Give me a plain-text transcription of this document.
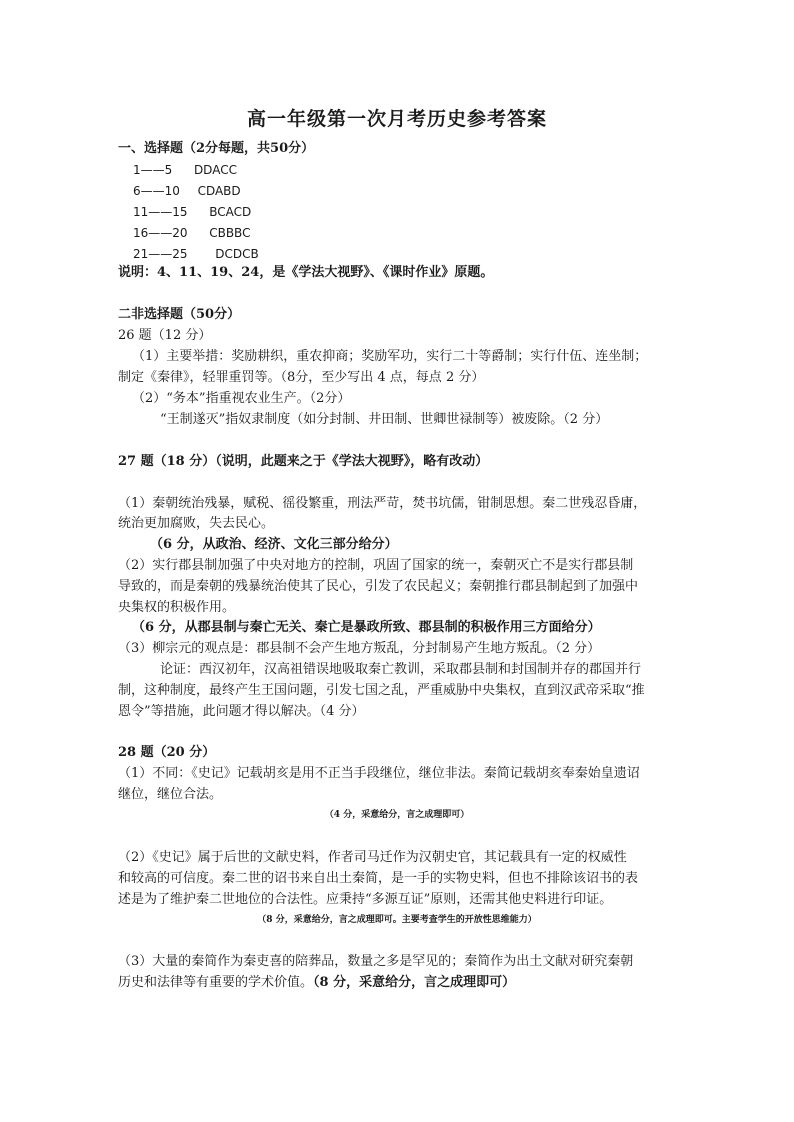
高一年级第一次月考历史参考答案
一、选择题（2分每题，共50分）
1——5 DDACC
6——10 CDABD
11——15 BCACD
16——20 CBBBC
21——25 DCDCB
说明：4、11、19、24，是《学法大视野》、《课时作业》原题。
二非选择题（50分）
26 题（12 分）
（1）主要举措：奖励耕织，重农抑商；奖励军功，实行二十等爵制；实行什伍、连坐制；
制定《秦律》，轻罪重罚等。（8分，至少写出 4 点，每点 2 分）
（2）“务本”指重视农业生产。（2分）
“王制遂灭”指奴隶制度（如分封制、井田制、世卿世禄制等）被废除。（2 分）
27 题（18 分）（说明，此题来之于《学法大视野》，略有改动）
（1）秦朝统治残暴，赋税、徭役繁重，刑法严苛，焚书坑儒，钳制思想。秦二世残忍昏庸，
统治更加腐败，失去民心。
（6 分，从政治、经济、文化三部分给分）
（2）实行郡县制加强了中央对地方的控制，巩固了国家的统一，秦朝灭亡不是实行郡县制
导致的，而是秦朝的残暴统治使其了民心，引发了农民起义；秦朝推行郡县制起到了加强中
央集权的积极作用。
（6 分，从郡县制与秦亡无关、秦亡是暴政所致、郡县制的积极作用三方面给分）
（3）柳宗元的观点是：郡县制不会产生地方叛乱，分封制易产生地方叛乱。（2 分）
论证：西汉初年，汉高祖错误地吸取秦亡教训，采取郡县制和封国制并存的郡国并行
制，这种制度，最终产生王国问题，引发七国之乱，严重威胁中央集权，直到汉武帝采取“推
恩令”等措施，此问题才得以解决。（4 分）
28 题（20 分）
（1）不同：《史记》记载胡亥是用不正当手段继位，继位非法。秦简记载胡亥奉秦始皇遗诏
继位，继位合法。
（4 分，采意给分，言之成理即可）
（2）《史记》属于后世的文献史料，作者司马迁作为汉朝史官，其记载具有一定的权威性
和较高的可信度。秦二世的诏书来自出土秦简，是一手的实物史料，但也不排除该诏书的表
述是为了维护秦二世地位的合法性。应秉持“多源互证”原则，还需其他史料进行印证。
（8 分，采意给分，言之成理即可。主要考查学生的开放性思维能力）
（3）大量的秦简作为秦吏喜的陪葬品，数量之多是罕见的；秦简作为出土文献对研究秦朝
历史和法律等有重要的学术价值。（8 分，采意给分，言之成理即可）
